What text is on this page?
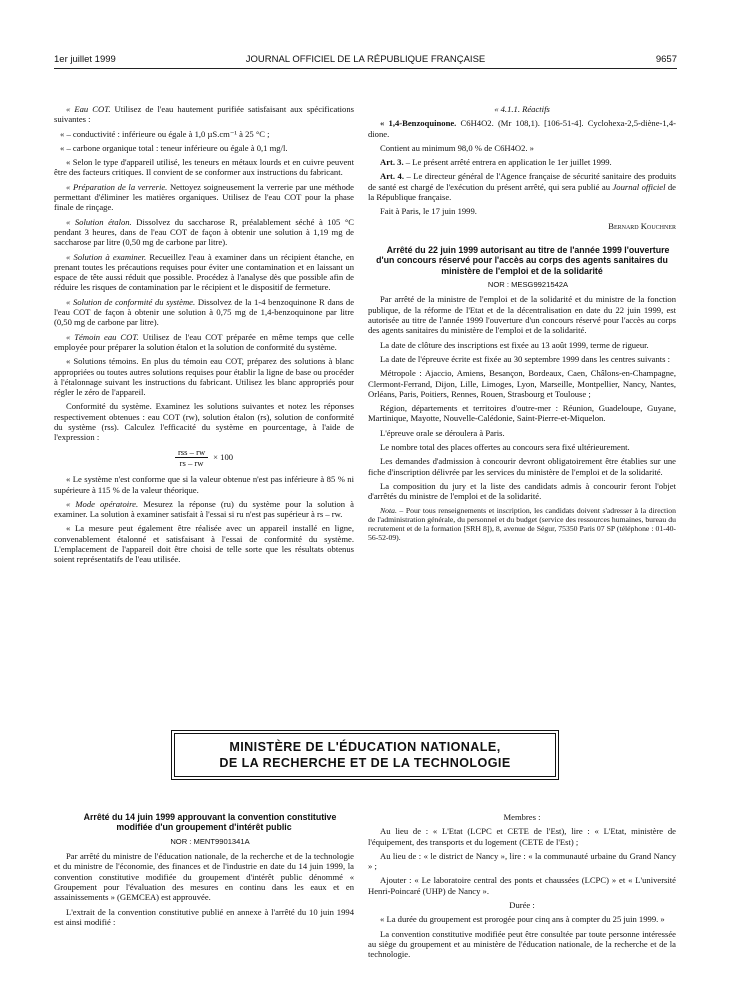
1er juillet 1999	JOURNAL OFFICIEL DE LA RÉPUBLIQUE FRANÇAISE	9657

« Eau COT. Utilisez de l'eau hautement purifiée satisfaisant aux spécifications suivantes :

« – conductivité : inférieure ou égale à 1,0 µS.cm⁻¹ à 25 °C ;

« – carbone organique total : teneur inférieure ou égale à 0,1 mg/l.

« Selon le type d'appareil utilisé, les teneurs en métaux lourds et en cuivre peuvent être des facteurs critiques. Il convient de se conformer aux instructions du fabricant.

« Préparation de la verrerie. Nettoyez soigneusement la verrerie par une méthode permettant d'éliminer les matières organiques. Utilisez de l'eau COT pour la phase finale de rinçage.

« Solution étalon. Dissolvez du saccharose R, préalablement séché à 105 °C pendant 3 heures, dans de l'eau COT de façon à obtenir une solution à 1,19 mg de saccharose par litre (0,50 mg de carbone par litre).

« Solution à examiner. Recueillez l'eau à examiner dans un récipient étanche, en prenant toutes les précautions requises pour éviter une contamination et en laissant un espace de tête aussi réduit que possible. Procédez à l'analyse dès que possible afin de réduire les risques de contamination par le récipient et le dispositif de fermeture.

« Solution de conformité du système. Dissolvez de la 1-4 benzoquinone R dans de l'eau COT de façon à obtenir une solution à 0,75 mg de 1,4-benzoquinone par litre (0,50 mg de carbone par litre).

« Témoin eau COT. Utilisez de l'eau COT préparée en même temps que celle employée pour préparer la solution étalon et la solution de conformité du système.

« Solutions témoins. En plus du témoin eau COT, préparez des solutions à blanc appropriées ou toutes autres solutions requises pour établir la ligne de base ou procéder à l'étalonnage suivant les instructions du fabricant. Utilisez les blanc appropriés pour régler le zéro de l'appareil.

Conformité du système. Examinez les solutions suivantes et notez les réponses respectivement obtenues : eau COT (rw), solution étalon (rs), solution de conformité du système (rss). Calculez l'efficacité du système en pourcentage, à l'aide de l'expression :

$\frac{\text{rss – rw}}{rs - rw} \times 100$

« Le système n'est conforme que si la valeur obtenue n'est pas inférieure à 85 % ni supérieure à 115 % de la valeur théorique.

« Mode opératoire. Mesurez la réponse (ru) du système pour la solution à examiner. La solution à examiner satisfait à l'essai si ru n'est pas supérieur à rs – rw.

« La mesure peut également être réalisée avec un appareil installé en ligne, convenablement étalonné et satisfaisant à l'essai de conformité du système. L'emplacement de l'appareil doit être choisi de telle sorte que les résultats obtenus soient représentatifs de l'eau utilisée.

« 4.1.1. Réactifs

« 1,4-Benzoquinone. C6H4O2. (Mr 108,1). [106-51-4]. Cyclohexa-2,5-diène-1,4-dione.

Contient au minimum 98,0 % de C6H4O2. »

Art. 3. – Le présent arrêté entrera en application le 1er juillet 1999.

Art. 4. – Le directeur général de l'Agence française de sécurité sanitaire des produits de santé est chargé de l'exécution du présent arrêté, qui sera publié au Journal officiel de la République française.

Fait à Paris, le 17 juin 1999.

Bernard Kouchner

Arrêté du 22 juin 1999 autorisant au titre de l'année 1999 l'ouverture d'un concours réservé pour l'accès au corps des agents sanitaires du ministère de l'emploi et de la solidarité

NOR : MESG9921542A

Par arrêté de la ministre de l'emploi et de la solidarité et du ministre de la fonction publique, de la réforme de l'Etat et de la décentralisation en date du 22 juin 1999, est autorisée au titre de l'année 1999 l'ouverture d'un concours réservé pour l'accès au corps des agents sanitaires du ministère de l'emploi et de la solidarité.

La date de clôture des inscriptions est fixée au 13 août 1999, terme de rigueur.

La date de l'épreuve écrite est fixée au 30 septembre 1999 dans les centres suivants :

Métropole : Ajaccio, Amiens, Besançon, Bordeaux, Caen, Châlons-en-Champagne, Clermont-Ferrand, Dijon, Lille, Limoges, Lyon, Marseille, Montpellier, Nancy, Nantes, Orléans, Paris, Poitiers, Rennes, Rouen, Strasbourg et Toulouse ;

Région, départements et territoires d'outre-mer : Réunion, Guadeloupe, Guyane, Martinique, Mayotte, Nouvelle-Calédonie, Saint-Pierre-et-Miquelon.

L'épreuve orale se déroulera à Paris.

Le nombre total des places offertes au concours sera fixé ultérieurement.

Les demandes d'admission à concourir devront obligatoirement être établies sur une fiche d'inscription délivrée par les services du ministère de l'emploi et de la solidarité.

La composition du jury et la liste des candidats admis à concourir feront l'objet d'arrêtés du ministre de l'emploi et de la solidarité.

Nota. – Pour tous renseignements et inscription, les candidats doivent s'adresser à la direction de l'administration générale, du personnel et du budget (service des ressources humaines, bureau du recrutement et de la formation [SRH 8]), 8, avenue de Ségur, 75350 Paris 07 SP (téléphone : 01-40-56-52-09).

MINISTÈRE DE L'ÉDUCATION NATIONALE,
DE LA RECHERCHE ET DE LA TECHNOLOGIE

Arrêté du 14 juin 1999 approuvant la convention constitutive modifiée d'un groupement d'intérêt public

NOR : MENT9901341A

Par arrêté du ministre de l'éducation nationale, de la recherche et de la technologie et du ministre de l'économie, des finances et de l'industrie en date du 14 juin 1999, la convention constitutive modifiée du groupement d'intérêt public dénommé « Groupement pour l'évaluation des mesures en continu dans les eaux et en assainissements » (GEMCEA) est approuvée.

L'extrait de la convention constitutive publié en annexe à l'arrêté du 10 juin 1994 est ainsi modifié :

Membres :

Au lieu de : « L'Etat (LCPC et CETE de l'Est), lire : « L'Etat, ministère de l'équipement, des transports et du logement (CETE de l'Est) ;

Au lieu de : « le district de Nancy », lire : « la communauté urbaine du Grand Nancy » ;

Ajouter : « Le laboratoire central des ponts et chaussées (LCPC) » et « L'université Henri-Poincaré (UHP) de Nancy ».

Durée :

« La durée du groupement est prorogée pour cinq ans à compter du 25 juin 1999. »

La convention constitutive modifiée peut être consultée par toute personne intéressée au siège du groupement et au ministère de l'éducation nationale, de la recherche et de la technologie.
